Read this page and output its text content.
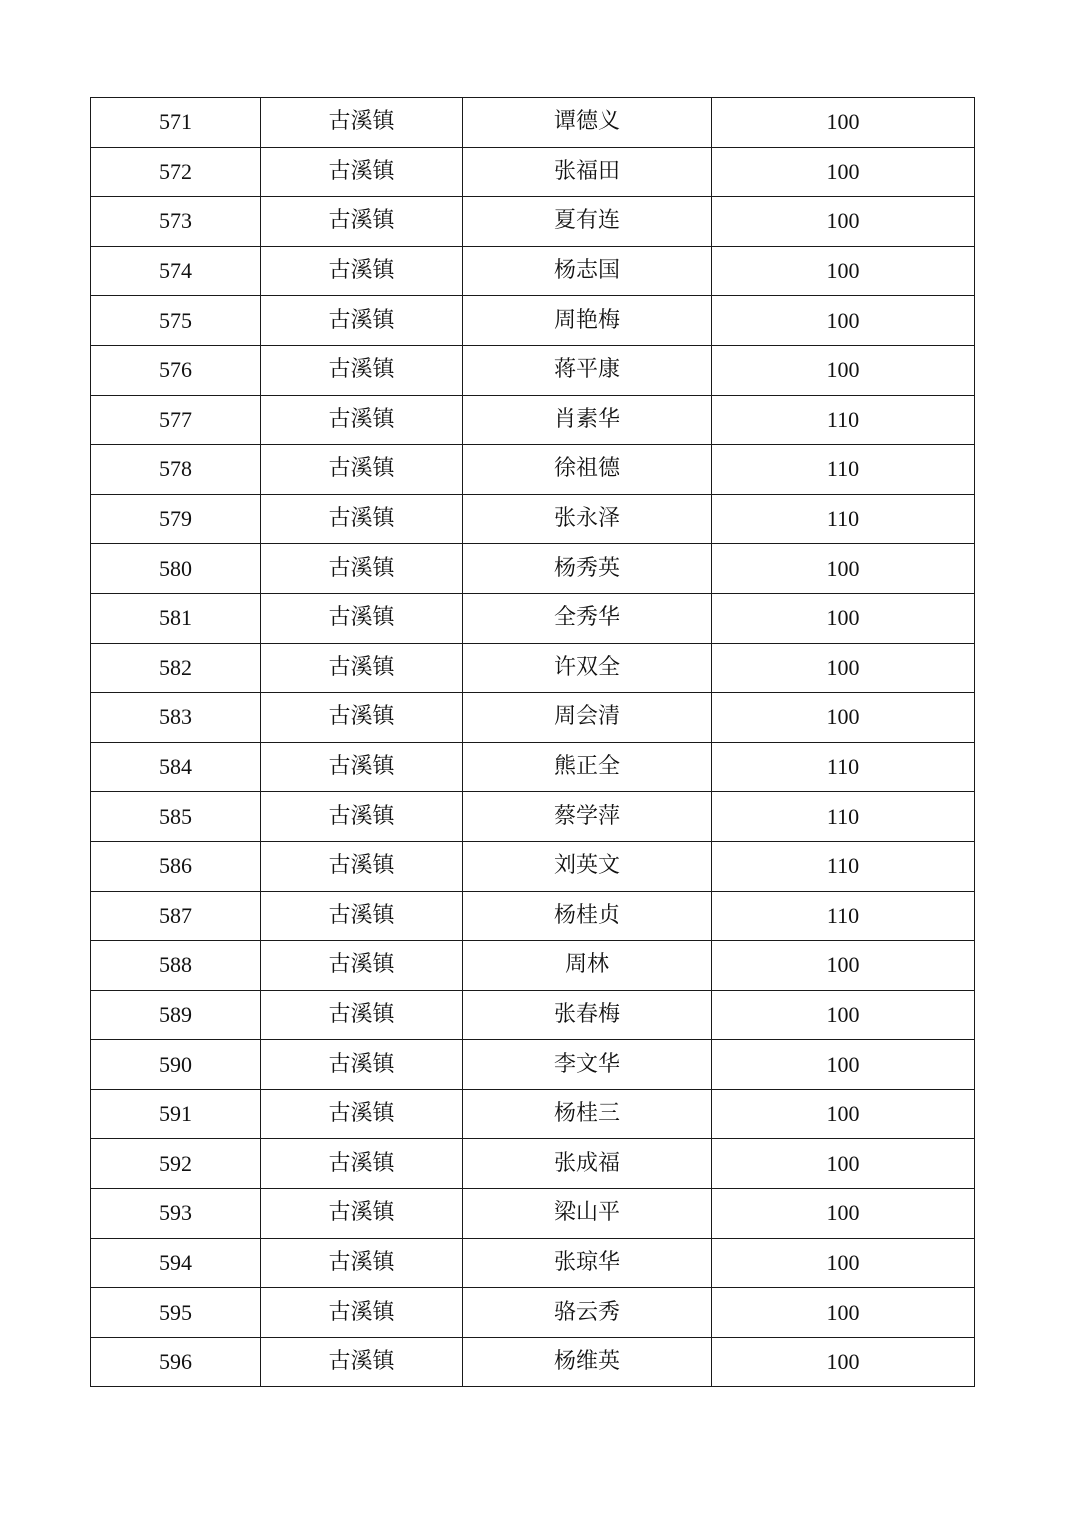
571	古溪镇	谭德义	100
572	古溪镇	张福田	100
573	古溪镇	夏有连	100
574	古溪镇	杨志国	100
575	古溪镇	周艳梅	100
576	古溪镇	蒋平康	100
577	古溪镇	肖素华	110
578	古溪镇	徐祖德	110
579	古溪镇	张永泽	110
580	古溪镇	杨秀英	100
581	古溪镇	全秀华	100
582	古溪镇	许双全	100
583	古溪镇	周会清	100
584	古溪镇	熊正全	110
585	古溪镇	蔡学萍	110
586	古溪镇	刘英文	110
587	古溪镇	杨桂贞	110
588	古溪镇	周林	100
589	古溪镇	张春梅	100
590	古溪镇	李文华	100
591	古溪镇	杨桂三	100
592	古溪镇	张成福	100
593	古溪镇	梁山平	100
594	古溪镇	张琼华	100
595	古溪镇	骆云秀	100
596	古溪镇	杨维英	100
